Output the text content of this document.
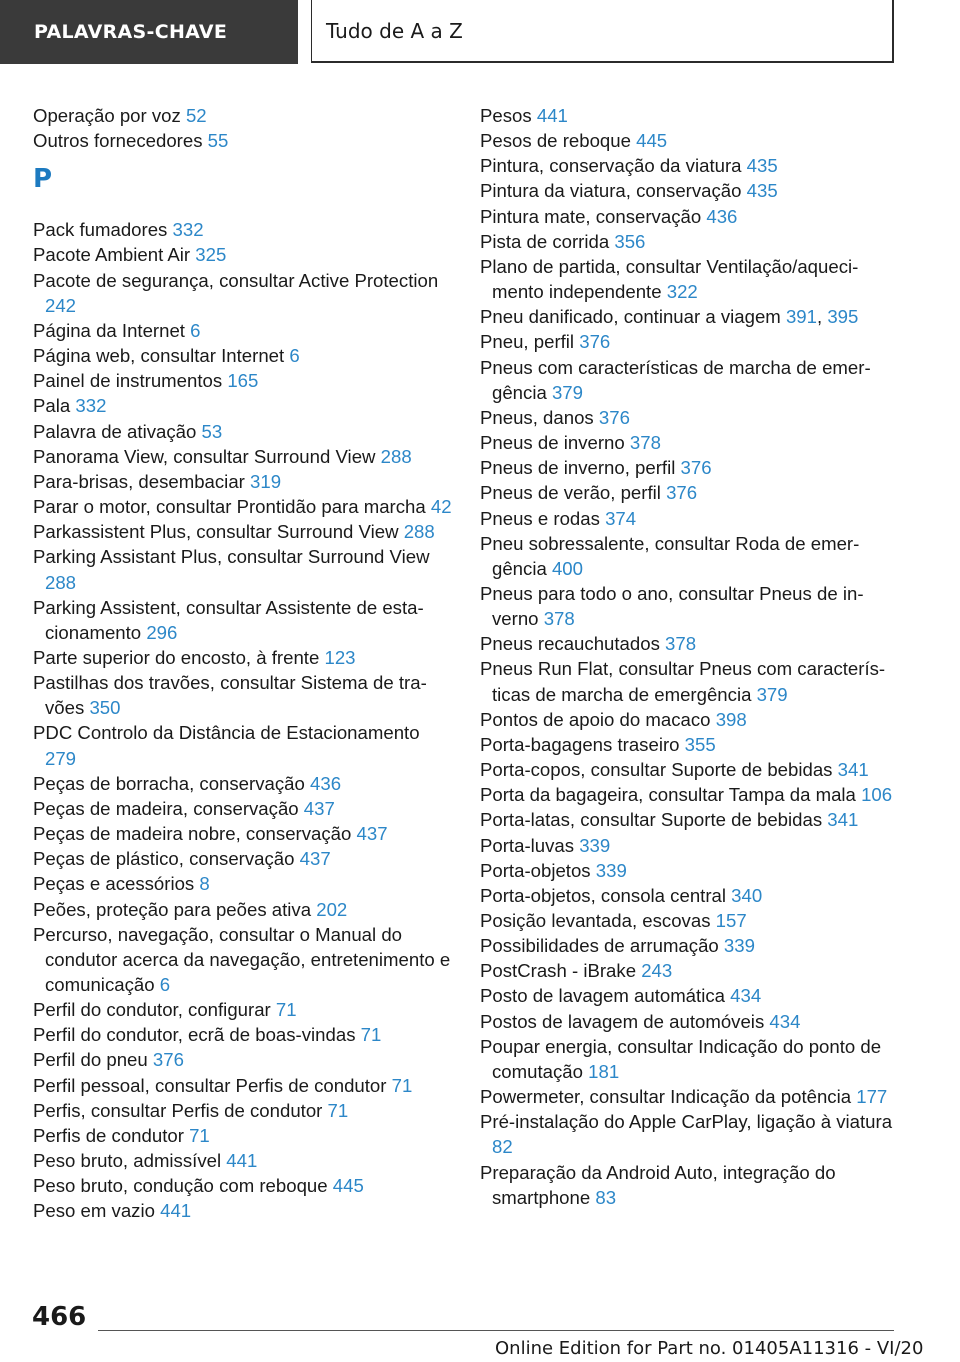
PALAVRAS-CHAVE	Tudo de A a Z
Operação por voz 52
Outros fornecedores 55
P
Pack fumadores 332
Pacote Ambient Air 325
Pacote de segurança, consultar Active Protection 242
Página da Internet 6
Página web, consultar Internet 6
Painel de instrumentos 165
Pala 332
Palavra de ativação 53
Panorama View, consultar Surround View 288
Para-brisas, desembaciar 319
Parar o motor, consultar Prontidão para marcha 42
Parkassistent Plus, consultar Surround View 288
Parking Assistant Plus, consultar Surround View 288
Parking Assistent, consultar Assistente de estacionamento 296
Parte superior do encosto, à frente 123
Pastilhas dos travões, consultar Sistema de travões 350
PDC Controlo da Distância de Estacionamento 279
Peças de borracha, conservação 436
Peças de madeira, conservação 437
Peças de madeira nobre, conservação 437
Peças de plástico, conservação 437
Peças e acessórios 8
Peões, proteção para peões ativa 202
Percurso, navegação, consultar o Manual do condutor acerca da navegação, entretenimento e comunicação 6
Perfil do condutor, configurar 71
Perfil do condutor, ecrã de boas-vindas 71
Perfil do pneu 376
Perfil pessoal, consultar Perfis de condutor 71
Perfis, consultar Perfis de condutor 71
Perfis de condutor 71
Peso bruto, admissível 441
Peso bruto, condução com reboque 445
Peso em vazio 441
Pesos 441
Pesos de reboque 445
Pintura, conservação da viatura 435
Pintura da viatura, conservação 435
Pintura mate, conservação 436
Pista de corrida 356
Plano de partida, consultar Ventilação/aquecimento independente 322
Pneu danificado, continuar a viagem 391, 395
Pneu, perfil 376
Pneus com características de marcha de emergência 379
Pneus, danos 376
Pneus de inverno 378
Pneus de inverno, perfil 376
Pneus de verão, perfil 376
Pneus e rodas 374
Pneu sobressalente, consultar Roda de emergência 400
Pneus para todo o ano, consultar Pneus de inverno 378
Pneus recauchutados 378
Pneus Run Flat, consultar Pneus com características de marcha de emergência 379
Pontos de apoio do macaco 398
Porta-bagagens traseiro 355
Porta-copos, consultar Suporte de bebidas 341
Porta da bagageira, consultar Tampa da mala 106
Porta-latas, consultar Suporte de bebidas 341
Porta-luvas 339
Porta-objetos 339
Porta-objetos, consola central 340
Posição levantada, escovas 157
Possibilidades de arrumação 339
PostCrash - iBrake 243
Posto de lavagem automática 434
Postos de lavagem de automóveis 434
Poupar energia, consultar Indicação do ponto de comutação 181
Powermeter, consultar Indicação da potência 177
Pré-instalação do Apple CarPlay, ligação à viatura 82
Preparação da Android Auto, integração do smartphone 83
466
Online Edition for Part no. 01405A11316 - VI/20
